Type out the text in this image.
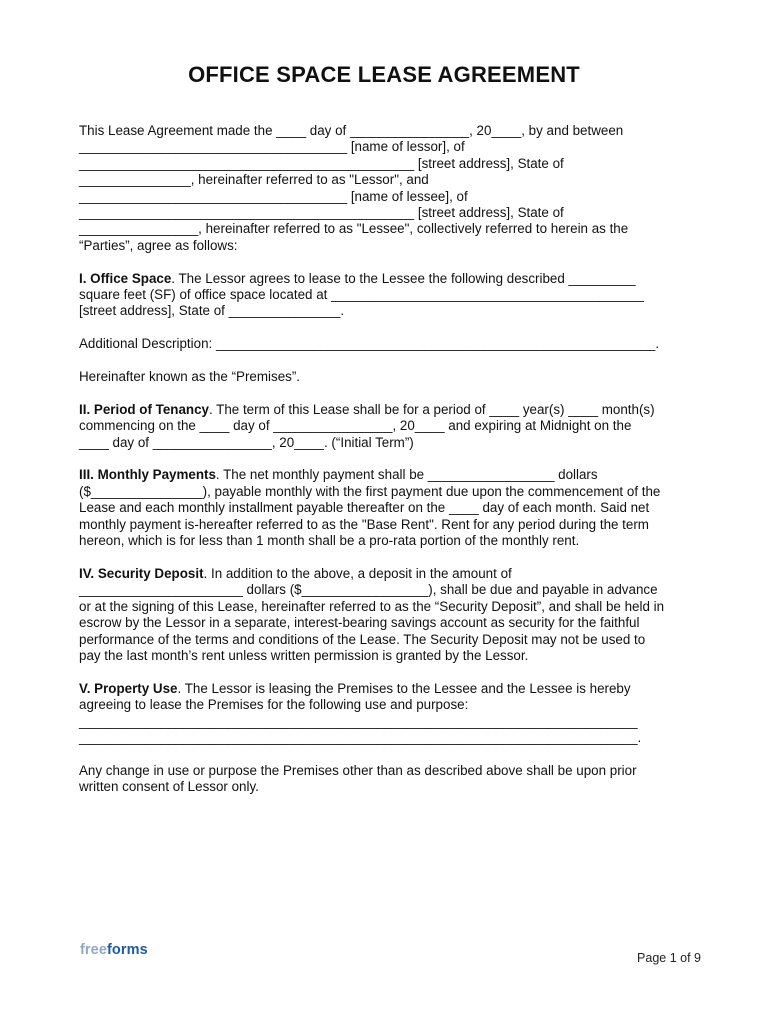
OFFICE SPACE LEASE AGREEMENT
This Lease Agreement made the ____ day of ________________, 20____, by and between
____________________________________ [name of lessor], of
_____________________________________________ [street address], State of
_______________, hereinafter referred to as "Lessor", and
____________________________________ [name of lessee], of
_____________________________________________ [street address], State of
________________, hereinafter referred to as "Lessee", collectively referred to herein as the
“Parties”, agree as follows:
I. Office Space. The Lessor agrees to lease to the Lessee the following described _________
square feet (SF) of office space located at __________________________________________
[street address], State of _______________.
Additional Description: ___________________________________________________________.
Hereinafter known as the “Premises”.
II. Period of Tenancy. The term of this Lease shall be for a period of ____ year(s) ____ month(s)
commencing on the ____ day of ________________, 20____ and expiring at Midnight on the
____ day of ________________, 20____. (“Initial Term”)
III. Monthly Payments. The net monthly payment shall be _________________ dollars
($_______________), payable monthly with the first payment due upon the commencement of the
Lease and each monthly installment payable thereafter on the ____ day of each month. Said net
monthly payment is-hereafter referred to as the "Base Rent". Rent for any period during the term
hereon, which is for less than 1 month shall be a pro-rata portion of the monthly rent.
IV. Security Deposit. In addition to the above, a deposit in the amount of
______________________ dollars ($_________________), shall be due and payable in advance
or at the signing of this Lease, hereinafter referred to as the “Security Deposit”, and shall be held in
escrow by the Lessor in a separate, interest-bearing savings account as security for the faithful
performance of the terms and conditions of the Lease. The Security Deposit may not be used to
pay the last month’s rent unless written permission is granted by the Lessor.
V. Property Use. The Lessor is leasing the Premises to the Lessee and the Lessee is hereby
agreeing to lease the Premises for the following use and purpose:
___________________________________________________________________________
___________________________________________________________________________.
Any change in use or purpose the Premises other than as described above shall be upon prior
written consent of Lessor only.
freeforms	Page 1 of 9
